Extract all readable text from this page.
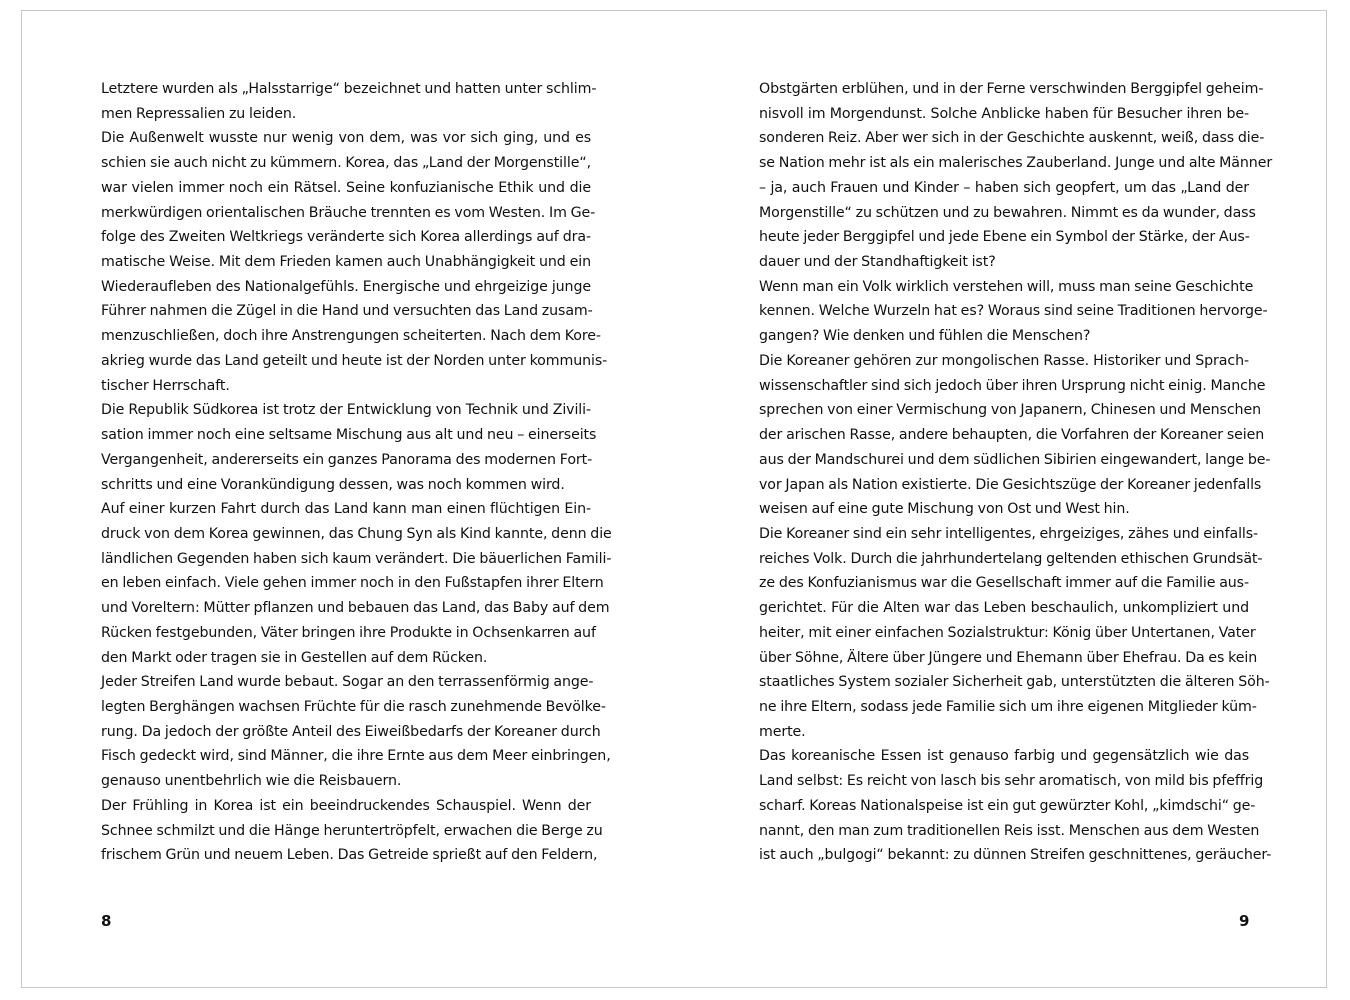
Letztere wurden als „Halsstarrige“ bezeichnet und hatten unter schlim-
men Repressalien zu leiden.
Die Außenwelt wusste nur wenig von dem, was vor sich ging, und es
schien sie auch nicht zu kümmern. Korea, das „Land der Morgenstille“,
war vielen immer noch ein Rätsel. Seine konfuzianische Ethik und die
merkwürdigen orientalischen Bräuche trennten es vom Westen. Im Ge-
folge des Zweiten Weltkriegs veränderte sich Korea allerdings auf dra-
matische Weise. Mit dem Frieden kamen auch Unabhängigkeit und ein
Wiederaufleben des Nationalgefühls. Energische und ehrgeizige junge
Führer nahmen die Zügel in die Hand und versuchten das Land zusam-
menzuschließen, doch ihre Anstrengungen scheiterten. Nach dem Kore-
akrieg wurde das Land geteilt und heute ist der Norden unter kommunis-
tischer Herrschaft.
Die Republik Südkorea ist trotz der Entwicklung von Technik und Zivili-
sation immer noch eine seltsame Mischung aus alt und neu – einerseits
Vergangenheit, andererseits ein ganzes Panorama des modernen Fort-
schritts und eine Vorankündigung dessen, was noch kommen wird.
Auf einer kurzen Fahrt durch das Land kann man einen flüchtigen Ein-
druck von dem Korea gewinnen, das Chung Syn als Kind kannte, denn die
ländlichen Gegenden haben sich kaum verändert. Die bäuerlichen Famili-
en leben einfach. Viele gehen immer noch in den Fußstapfen ihrer Eltern
und Voreltern: Mütter pflanzen und bebauen das Land, das Baby auf dem
Rücken festgebunden, Väter bringen ihre Produkte in Ochsenkarren auf
den Markt oder tragen sie in Gestellen auf dem Rücken.
Jeder Streifen Land wurde bebaut. Sogar an den terrassenförmig ange-
legten Berghängen wachsen Früchte für die rasch zunehmende Bevölke-
rung. Da jedoch der größte Anteil des Eiweißbedarfs der Koreaner durch
Fisch gedeckt wird, sind Männer, die ihre Ernte aus dem Meer einbringen,
genauso unentbehrlich wie die Reisbauern.
Der Frühling in Korea ist ein beeindruckendes Schauspiel. Wenn der
Schnee schmilzt und die Hänge heruntertröpfelt, erwachen die Berge zu
frischem Grün und neuem Leben. Das Getreide sprießt auf den Feldern,
Obstgärten erblühen, und in der Ferne verschwinden Berggipfel geheim-
nisvoll im Morgendunst. Solche Anblicke haben für Besucher ihren be-
sonderen Reiz. Aber wer sich in der Geschichte auskennt, weiß, dass die-
se Nation mehr ist als ein malerisches Zauberland. Junge und alte Männer
– ja, auch Frauen und Kinder – haben sich geopfert, um das „Land der
Morgenstille“ zu schützen und zu bewahren. Nimmt es da wunder, dass
heute jeder Berggipfel und jede Ebene ein Symbol der Stärke, der Aus-
dauer und der Standhaftigkeit ist?
Wenn man ein Volk wirklich verstehen will, muss man seine Geschichte
kennen. Welche Wurzeln hat es? Woraus sind seine Traditionen hervorge-
gangen? Wie denken und fühlen die Menschen?
Die Koreaner gehören zur mongolischen Rasse. Historiker und Sprach-
wissenschaftler sind sich jedoch über ihren Ursprung nicht einig. Manche
sprechen von einer Vermischung von Japanern, Chinesen und Menschen
der arischen Rasse, andere behaupten, die Vorfahren der Koreaner seien
aus der Mandschurei und dem südlichen Sibirien eingewandert, lange be-
vor Japan als Nation existierte. Die Gesichtszüge der Koreaner jedenfalls
weisen auf eine gute Mischung von Ost und West hin.
Die Koreaner sind ein sehr intelligentes, ehrgeiziges, zähes und einfalls-
reiches Volk. Durch die jahrhundertelang geltenden ethischen Grundsät-
ze des Konfuzianismus war die Gesellschaft immer auf die Familie aus-
gerichtet. Für die Alten war das Leben beschaulich, unkompliziert und
heiter, mit einer einfachen Sozialstruktur: König über Untertanen, Vater
über Söhne, Ältere über Jüngere und Ehemann über Ehefrau. Da es kein
staatliches System sozialer Sicherheit gab, unterstützten die älteren Söh-
ne ihre Eltern, sodass jede Familie sich um ihre eigenen Mitglieder küm-
merte.
Das koreanische Essen ist genauso farbig und gegensätzlich wie das
Land selbst: Es reicht von lasch bis sehr aromatisch, von mild bis pfeffrig
scharf. Koreas Nationalspeise ist ein gut gewürzter Kohl, „kimdschi“ ge-
nannt, den man zum traditionellen Reis isst. Menschen aus dem Westen
ist auch „bulgogi“ bekannt: zu dünnen Streifen geschnittenes, geräucher-
8	9
